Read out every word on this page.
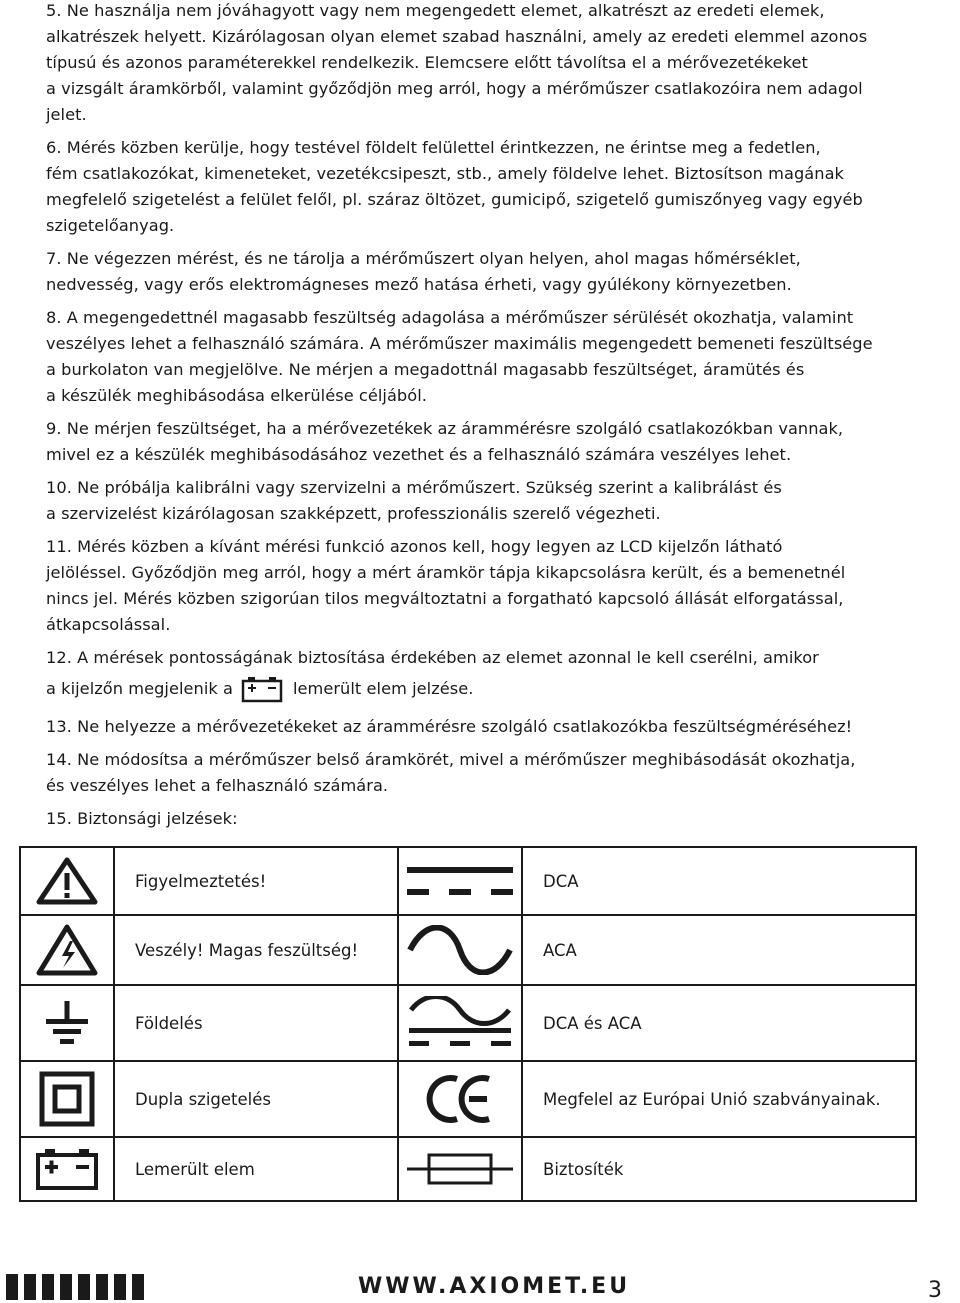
5. Ne használja nem jóváhagyott vagy nem megengedett elemet, alkatrészt az eredeti elemek,
alkatrészek helyett. Kizárólagosan olyan elemet szabad használni, amely az eredeti elemmel azonos
típusú és azonos paraméterekkel rendelkezik. Elemcsere előtt távolítsa el a mérővezetékeket
a vizsgált áramkörből, valamint győződjön meg arról, hogy a mérőműszer csatlakozóira nem adagol
jelet.

6. Mérés közben kerülje, hogy testével földelt felülettel érintkezzen, ne érintse meg a fedetlen,
fém csatlakozókat, kimeneteket, vezetékcsipeszt, stb., amely földelve lehet. Biztosítson magának
megfelelő szigetelést a felület felől, pl. száraz öltözet, gumicipő, szigetelő gumiszőnyeg vagy egyéb
szigetelőanyag.

7. Ne végezzen mérést, és ne tárolja a mérőműszert olyan helyen, ahol magas hőmérséklet,
nedvesség, vagy erős elektromágneses mező hatása érheti, vagy gyúlékony környezetben.

8. A megengedettnél magasabb feszültség adagolása a mérőműszer sérülését okozhatja, valamint
veszélyes lehet a felhasználó számára. A mérőműszer maximális megengedett bemeneti feszültsége
a burkolaton van megjelölve. Ne mérjen a megadottnál magasabb feszültséget, áramütés és
a készülék meghibásodása elkerülése céljából.

9. Ne mérjen feszültséget, ha a mérővezetékek az árammérésre szolgáló csatlakozókban vannak,
mivel ez a készülék meghibásodásához vezethet és a felhasználó számára veszélyes lehet.

10. Ne próbálja kalibrálni vagy szervizelni a mérőműszert. Szükség szerint a kalibrálást és
a szervizelést kizárólagosan szakképzett, professzionális szerelő végezheti.

11. Mérés közben a kívánt mérési funkció azonos kell, hogy legyen az LCD kijelzőn látható
jelöléssel. Győződjön meg arról, hogy a mért áramkör tápja kikapcsolásra került, és a bemenetnél
nincs jel. Mérés közben szigorúan tilos megváltoztatni a forgatható kapcsoló állását elforgatással,
átkapcsolással.

12. A mérések pontosságának biztosítása érdekében az elemet azonnal le kell cserélni, amikor
a kijelzőn megjelenik a	lemerült elem jelzése.

13. Ne helyezze a mérővezetékeket az árammérésre szolgáló csatlakozókba feszültségméréséhez!

14. Ne módosítsa a mérőműszer belső áramkörét, mivel a mérőműszer meghibásodását okozhatja,
és veszélyes lehet a felhasználó számára.

15. Biztonsági jelzések:

	Figyelmeztetés!		DCA

	Veszély! Magas feszültség!		ACA

	Földelés		DCA és ACA

	Dupla szigetelés		Megfelel az Európai Unió szabványainak.

	Lemerült elem		Biztosíték
WWW.AXIOMET.EU	3
